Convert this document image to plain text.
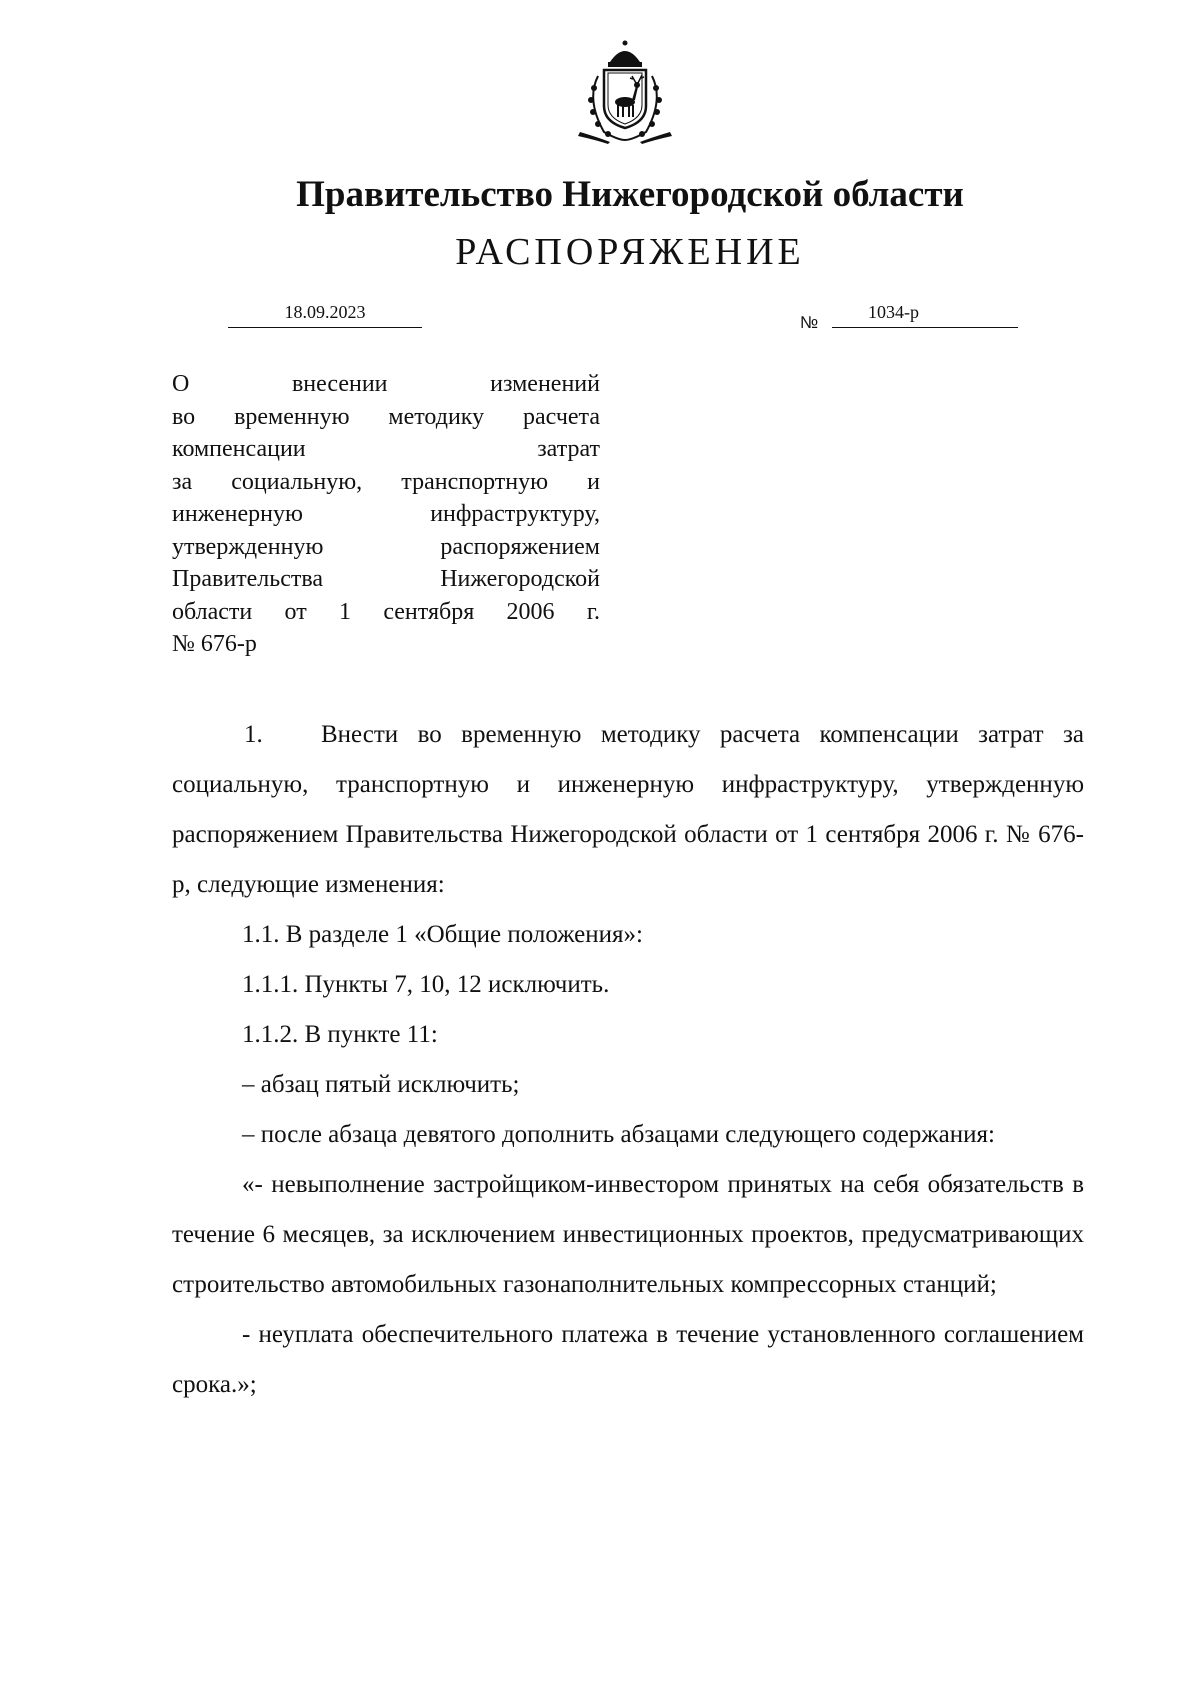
Правительство Нижегородской области
РАСПОРЯЖЕНИЕ
18.09.2023
№
1034-р
О внесении изменений
во временную методику расчета
компенсации затрат
за социальную, транспортную и
инженерную инфраструктуру,
утвержденную распоряжением
Правительства Нижегородской
области от 1 сентября 2006 г.
№ 676-р

1. Внести во временную методику расчета компенсации затрат за социальную, транспортную и инженерную инфраструктуру, утвержденную распоряжением Правительства Нижегородской области от 1 сентября 2006 г. № 676-р, следующие изменения:

1.1. В разделе 1 «Общие положения»:

1.1.1. Пункты 7, 10, 12 исключить.

1.1.2. В пункте 11:

– абзац пятый исключить;

– после абзаца девятого дополнить абзацами следующего содержания:

«- невыполнение застройщиком-инвестором принятых на себя обязательств в течение 6 месяцев, за исключением инвестиционных проектов, предусматривающих строительство автомобильных газонаполнительных компрессорных станций;

- неуплата обеспечительного платежа в течение установленного соглашением срока.»;
